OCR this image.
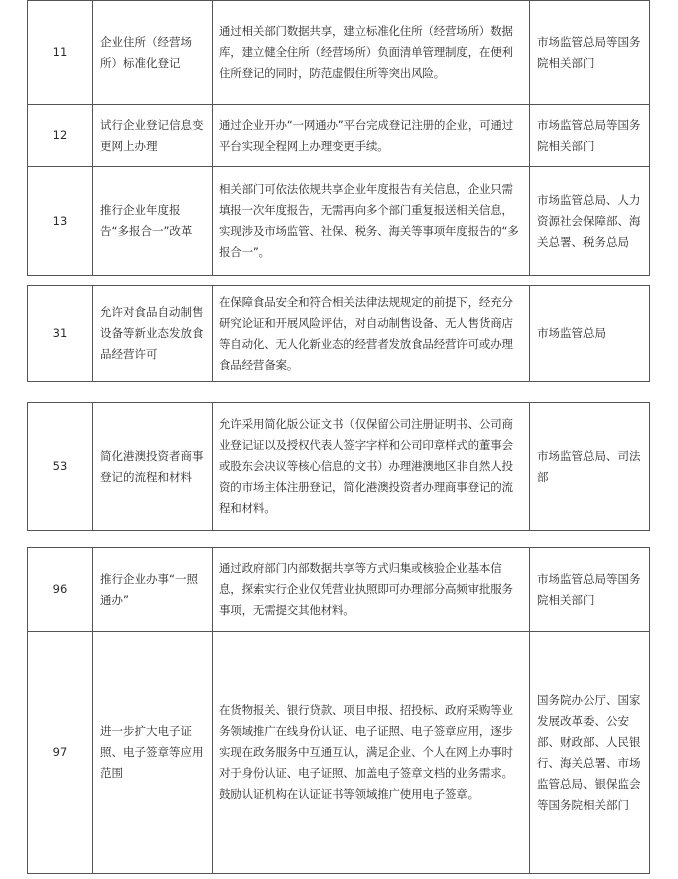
11	企业住所（经营场所）标准化登记	通过相关部门数据共享，建立标准化住所（经营场所）数据库，建立健全住所（经营场所）负面清单管理制度，在便利住所登记的同时，防范虚假住所等突出风险。	市场监管总局等国务院相关部门
12	试行企业登记信息变更网上办理	通过企业开办“一网通办”平台完成登记注册的企业，可通过平台实现全程网上办理变更手续。	市场监管总局等国务院相关部门
13	推行企业年度报告“多报合一”改革	相关部门可依法依规共享企业年度报告有关信息，企业只需填报一次年度报告，无需再向多个部门重复报送相关信息，实现涉及市场监管、社保、税务、海关等事项年度报告的“多报合一”。	市场监管总局、人力资源社会保障部、海关总署、税务总局
31	允许对食品自动制售设备等新业态发放食品经营许可	在保障食品安全和符合相关法律法规规定的前提下，经充分研究论证和开展风险评估，对自动制售设备、无人售货商店等自动化、无人化新业态的经营者发放食品经营许可或办理食品经营备案。	市场监管总局
53	简化港澳投资者商事登记的流程和材料	允许采用简化版公证文书（仅保留公司注册证明书、公司商业登记证以及授权代表人签字字样和公司印章样式的董事会或股东会决议等核心信息的文书）办理港澳地区非自然人投资的市场主体注册登记，简化港澳投资者办理商事登记的流程和材料。	市场监管总局、司法部
96	推行企业办事“一照通办”	通过政府部门内部数据共享等方式归集或核验企业基本信息，探索实行企业仅凭营业执照即可办理部分高频审批服务事项，无需提交其他材料。	市场监管总局等国务院相关部门
97	进一步扩大电子证照、电子签章等应用范围	在货物报关、银行贷款、项目申报、招投标、政府采购等业务领域推广在线身份认证、电子证照、电子签章应用，逐步实现在政务服务中互通互认，满足企业、个人在网上办事时对于身份认证、电子证照、加盖电子签章文档的业务需求。鼓励认证机构在认证证书等领域推广使用电子签章。	国务院办公厅、国家发展改革委、公安部、财政部、人民银行、海关总署、市场监管总局、银保监会等国务院相关部门
